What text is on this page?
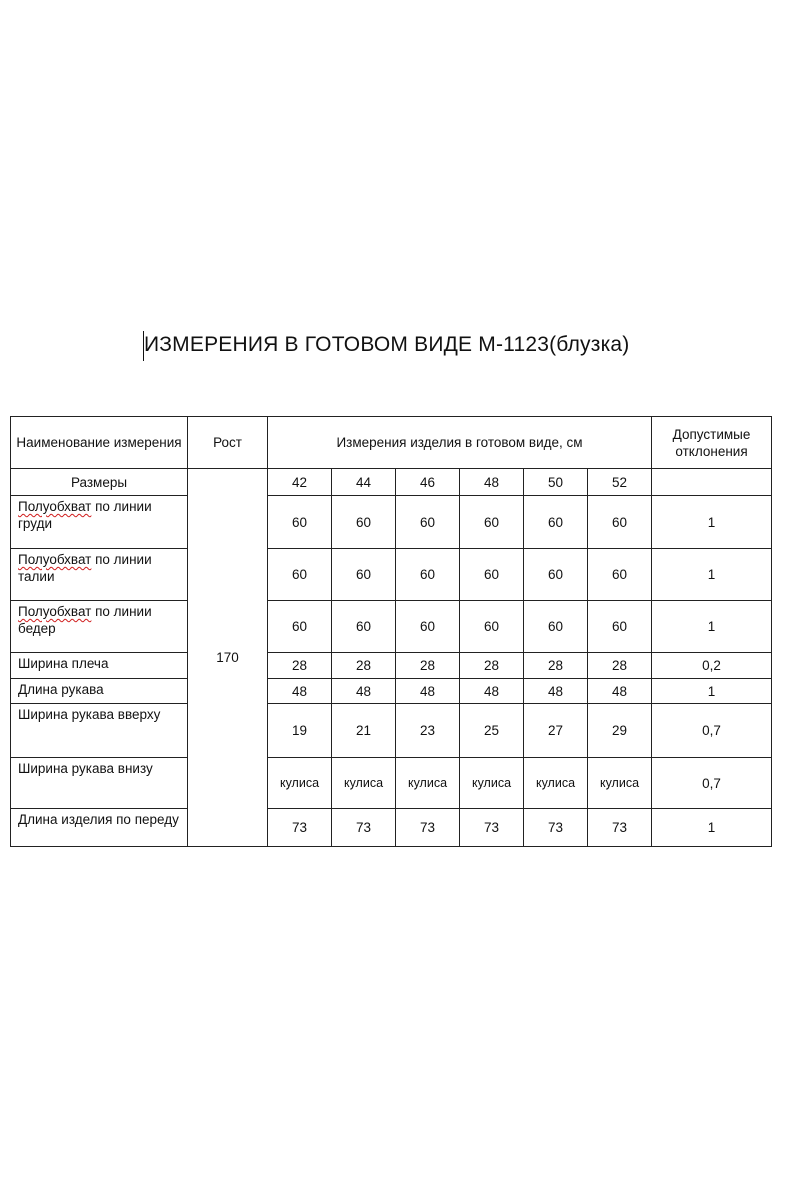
ИЗМЕРЕНИЯ В ГОТОВОМ ВИДЕ М-1123(блузка)
Наименование измерения	Рост	Измерения изделия в готовом виде, см						Допустимые отклонения
Размеры	170	42	44	46	48	50	52	
Полуобхват по линии груди		60	60	60	60	60	60	1
Полуобхват по линии талии		60	60	60	60	60	60	1
Полуобхват по линии бедер		60	60	60	60	60	60	1
Ширина плеча		28	28	28	28	28	28	0,2
Длина рукава		48	48	48	48	48	48	1
Ширина рукава вверху		19	21	23	25	27	29	0,7
Ширина рукава внизу		кулиса	кулиса	кулиса	кулиса	кулиса	кулиса	0,7
Длина изделия по переду		73	73	73	73	73	73	1
